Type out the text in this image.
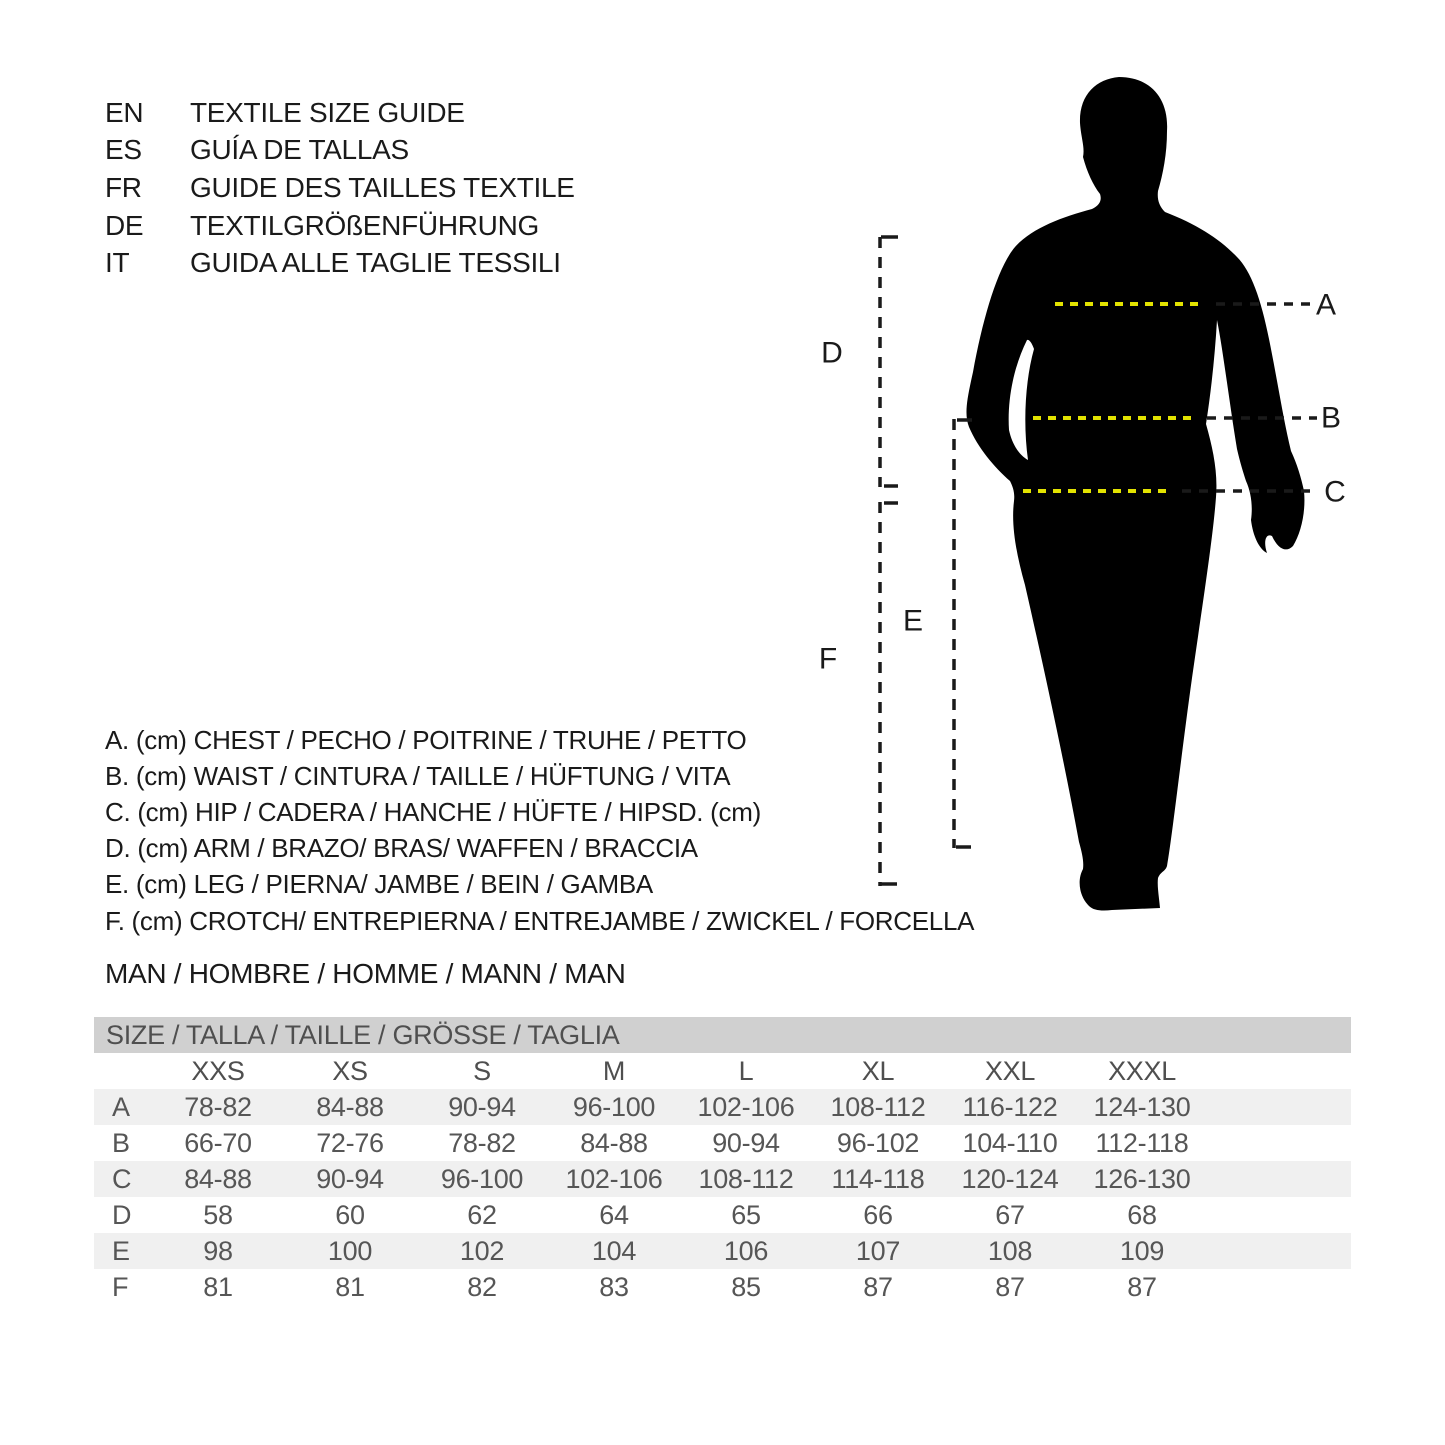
EN	TEXTILE SIZE GUIDE
ES	GUÍA DE TALLAS
FR	GUIDE DES TAILLES TEXTILE
DE	TEXTILGRÖßENFÜHRUNG
IT	GUIDA ALLE TAGLIE TESSILI
A. (cm) CHEST / PECHO / POITRINE / TRUHE / PETTO
B. (cm) WAIST / CINTURA / TAILLE / HÜFTUNG / VITA
C. (cm) HIP / CADERA / HANCHE / HÜFTE / HIPSD. (cm)
D. (cm) ARM / BRAZO/ BRAS/ WAFFEN / BRACCIA
E. (cm) LEG / PIERNA/ JAMBE / BEIN / GAMBA
F. (cm) CROTCH/ ENTREPIERNA / ENTREJAMBE / ZWICKEL / FORCELLA
MAN / HOMBRE / HOMME / MANN / MAN
A
B
C
D
E
F
SIZE / TALLA / TAILLE / GRÖSSE / TAGLIA
	XXS	XS	S	M	L	XL	XXL	XXXL	
A	78-82	84-88	90-94	96-100	102-106	108-112	116-122	124-130	
B	66-70	72-76	78-82	84-88	90-94	96-102	104-110	112-118	
C	84-88	90-94	96-100	102-106	108-112	114-118	120-124	126-130	
D	58	60	62	64	65	66	67	68	
E	98	100	102	104	106	107	108	109	
F	81	81	82	83	85	87	87	87	
